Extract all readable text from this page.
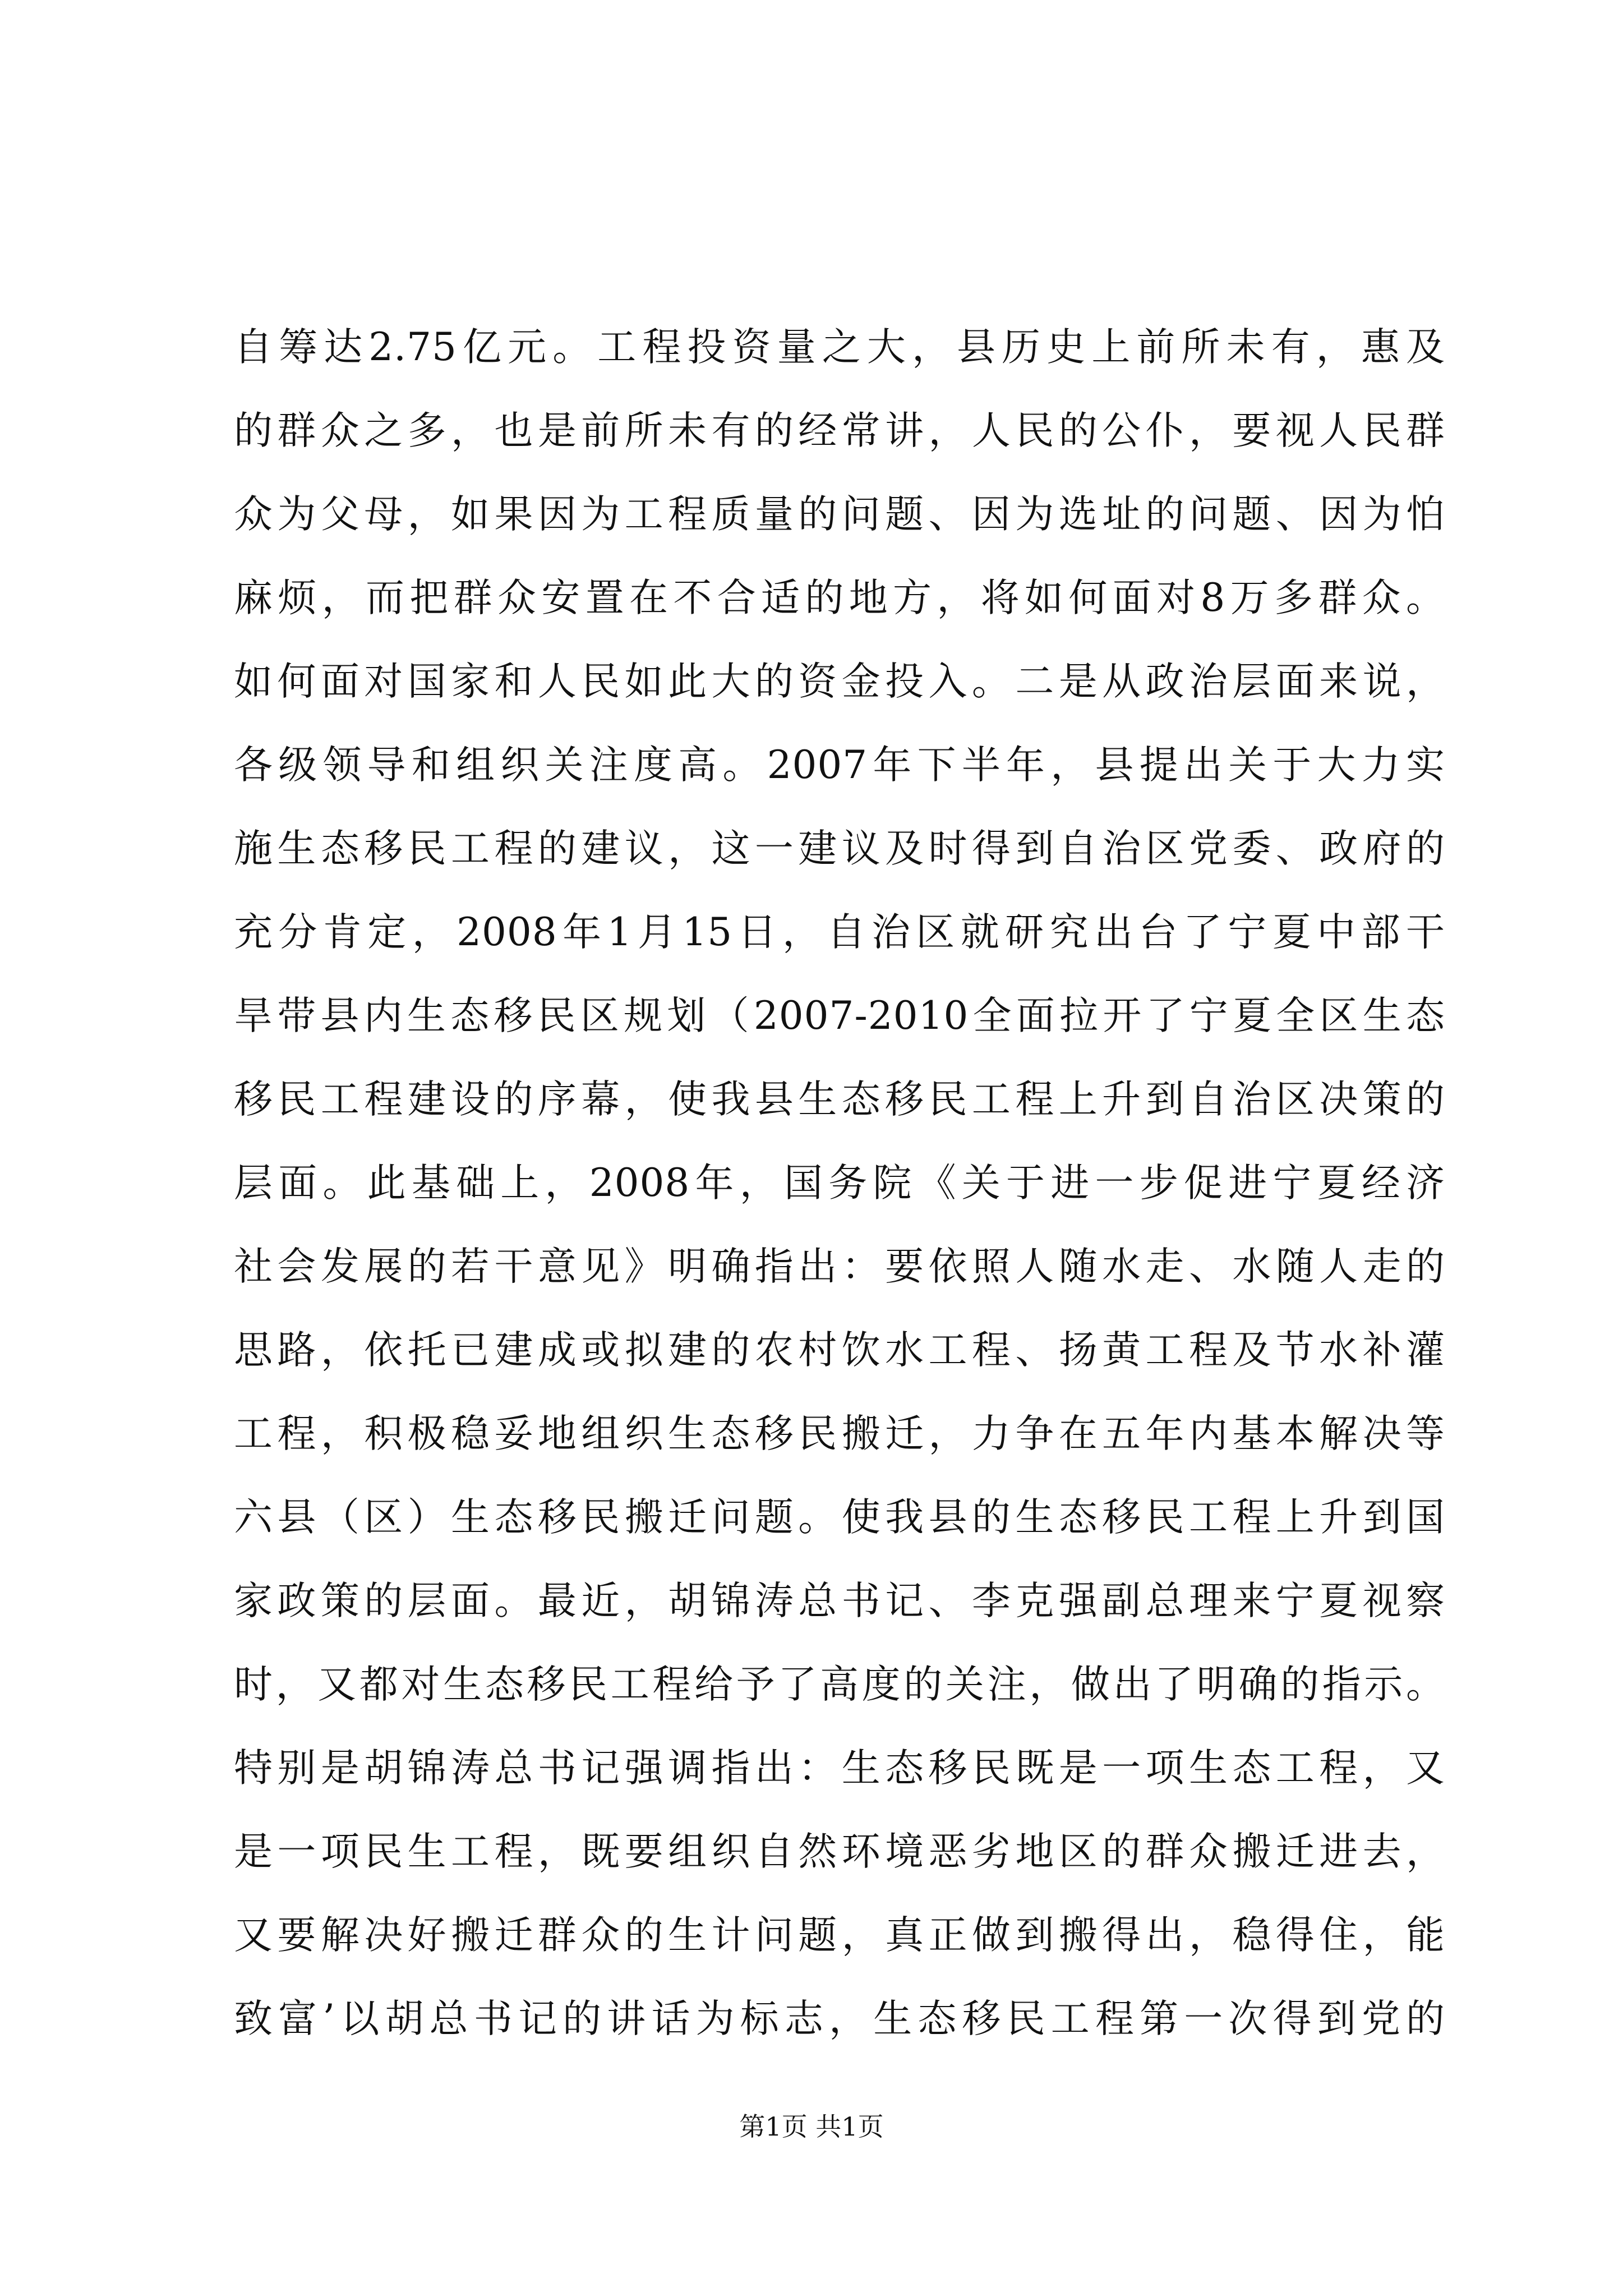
自筹达2.75亿元。工程投资量之大，县历史上前所未有，惠及
的群众之多，也是前所未有的经常讲，人民的公仆，要视人民群
众为父母，如果因为工程质量的问题、因为选址的问题、因为怕
麻烦，而把群众安置在不合适的地方，将如何面对8万多群众。
如何面对国家和人民如此大的资金投入。二是从政治层面来说，
各级领导和组织关注度高。2007年下半年，县提出关于大力实
施生态移民工程的建议，这一建议及时得到自治区党委、政府的
充分肯定，2008年1月15日，自治区就研究出台了宁夏中部干
旱带县内生态移民区规划（2007-2010全面拉开了宁夏全区生态
移民工程建设的序幕，使我县生态移民工程上升到自治区决策的
层面。此基础上，2008年，国务院《关于进一步促进宁夏经济
社会发展的若干意见》明确指出：要依照人随水走、水随人走的
思路，依托已建成或拟建的农村饮水工程、扬黄工程及节水补灌
工程，积极稳妥地组织生态移民搬迁，力争在五年内基本解决等
六县（区）生态移民搬迁问题。使我县的生态移民工程上升到国
家政策的层面。最近，胡锦涛总书记、李克强副总理来宁夏视察
时，又都对生态移民工程给予了高度的关注，做出了明确的指示。
特别是胡锦涛总书记强调指出：生态移民既是一项生态工程，又
是一项民生工程，既要组织自然环境恶劣地区的群众搬迁进去，
又要解决好搬迁群众的生计问题，真正做到搬得出，稳得住，能
致富’以胡总书记的讲话为标志，生态移民工程第一次得到党的
第1页 共1页
